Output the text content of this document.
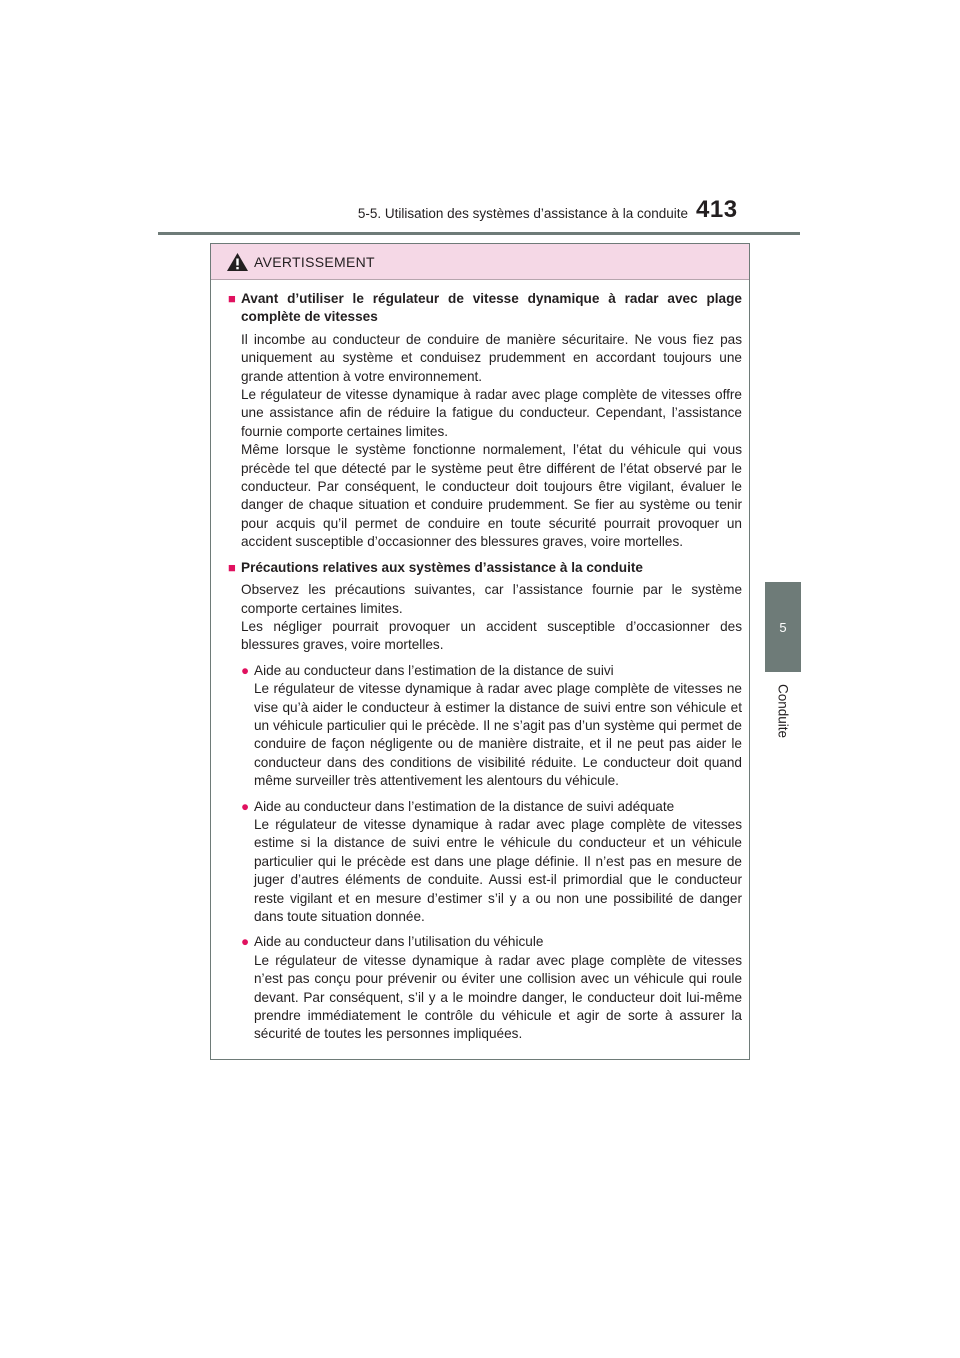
5-5. Utilisation des systèmes d’assistance à la conduite 413
5
Conduite
AVERTISSEMENT
■ Avant d’utiliser le régulateur de vitesse dynamique à radar avec plage complète de vitesses
Il incombe au conducteur de conduire de manière sécuritaire. Ne vous fiez pas uniquement au système et conduisez prudemment en accordant toujours une grande attention à votre environnement.
Le régulateur de vitesse dynamique à radar avec plage complète de vitesses offre une assistance afin de réduire la fatigue du conducteur. Cependant, l’assistance fournie comporte certaines limites.
Même lorsque le système fonctionne normalement, l’état du véhicule qui vous précède tel que détecté par le système peut être différent de l’état observé par le conducteur. Par conséquent, le conducteur doit toujours être vigilant, évaluer le danger de chaque situation et conduire prudemment. Se fier au système ou tenir pour acquis qu’il permet de conduire en toute sécurité pourrait provoquer un accident susceptible d’occasionner des blessures graves, voire mortelles.
■ Précautions relatives aux systèmes d’assistance à la conduite
Observez les précautions suivantes, car l’assistance fournie par le système comporte certaines limites.
Les négliger pourrait provoquer un accident susceptible d’occasionner des blessures graves, voire mortelles.
● Aide au conducteur dans l’estimation de la distance de suivi
Le régulateur de vitesse dynamique à radar avec plage complète de vitesses ne vise qu’à aider le conducteur à estimer la distance de suivi entre son véhicule et un véhicule particulier qui le précède. Il ne s’agit pas d’un système qui permet de conduire de façon négligente ou de manière distraite, et il ne peut pas aider le conducteur dans des conditions de visibilité réduite. Le conducteur doit quand même surveiller très attentivement les alentours du véhicule.
● Aide au conducteur dans l’estimation de la distance de suivi adéquate
Le régulateur de vitesse dynamique à radar avec plage complète de vitesses estime si la distance de suivi entre le véhicule du conducteur et un véhicule particulier qui le précède est dans une plage définie. Il n’est pas en mesure de juger d’autres éléments de conduite. Aussi est-il primordial que le conducteur reste vigilant et en mesure d’estimer s’il y a ou non une possibilité de danger dans toute situation donnée.
● Aide au conducteur dans l’utilisation du véhicule
Le régulateur de vitesse dynamique à radar avec plage complète de vitesses n’est pas conçu pour prévenir ou éviter une collision avec un véhicule qui roule devant. Par conséquent, s’il y a le moindre danger, le conducteur doit lui-même prendre immédiatement le contrôle du véhicule et agir de sorte à assurer la sécurité de toutes les personnes impliquées.
